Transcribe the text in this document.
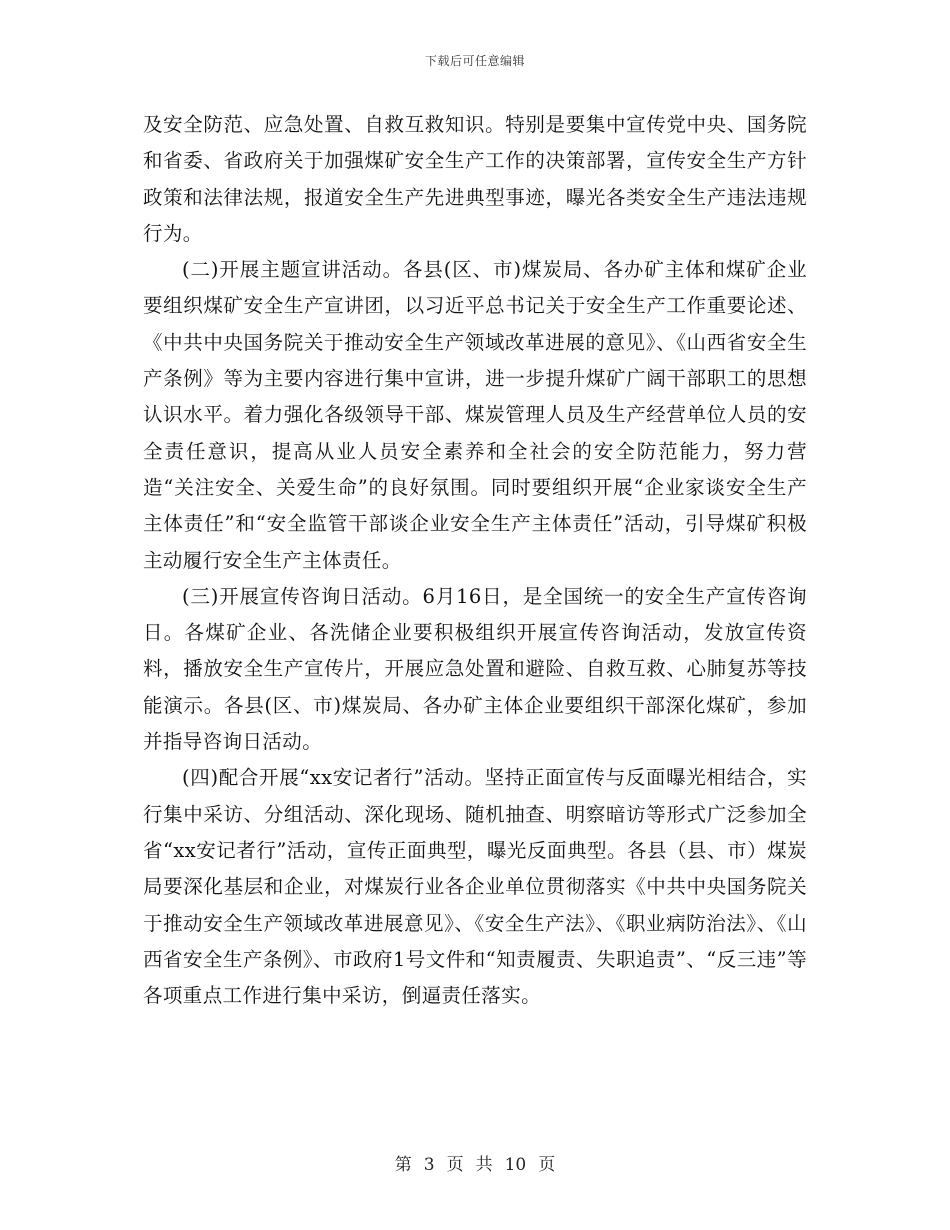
下载后可任意编辑

及安全防范、应急处置、自救互救知识。特别是要集中宣传党中央、国务院和省委、省政府关于加强煤矿安全生产工作的决策部署，宣传安全生产方针政策和法律法规，报道安全生产先进典型事迹，曝光各类安全生产违法违规行为。

(二)开展主题宣讲活动。各县(区、市)煤炭局、各办矿主体和煤矿企业要组织煤矿安全生产宣讲团，以习近平总书记关于安全生产工作重要论述、《中共中央国务院关于推动安全生产领域改革进展的意见》、《山西省安全生产条例》等为主要内容进行集中宣讲，进一步提升煤矿广阔干部职工的思想认识水平。着力强化各级领导干部、煤炭管理人员及生产经营单位人员的安全责任意识，提高从业人员安全素养和全社会的安全防范能力，努力营造“关注安全、关爱生命”的良好氛围。同时要组织开展“企业家谈安全生产主体责任”和“安全监管干部谈企业安全生产主体责任”活动，引导煤矿积极主动履行安全生产主体责任。

(三)开展宣传咨询日活动。6月16日，是全国统一的安全生产宣传咨询日。各煤矿企业、各洗储企业要积极组织开展宣传咨询活动，发放宣传资料，播放安全生产宣传片，开展应急处置和避险、自救互救、心肺复苏等技能演示。各县(区、市)煤炭局、各办矿主体企业要组织干部深化煤矿，参加并指导咨询日活动。

(四)配合开展“xx安记者行”活动。坚持正面宣传与反面曝光相结合，实行集中采访、分组活动、深化现场、随机抽查、明察暗访等形式广泛参加全省“xx安记者行”活动，宣传正面典型，曝光反面典型。各县（县、市）煤炭局要深化基层和企业，对煤炭行业各企业单位贯彻落实《中共中央国务院关于推动安全生产领域改革进展意见》、《安全生产法》、《职业病防治法》、《山西省安全生产条例》、市政府1号文件和“知责履责、失职追责”、“反三违”等各项重点工作进行集中采访，倒逼责任落实。

第 3 页 共 10 页
